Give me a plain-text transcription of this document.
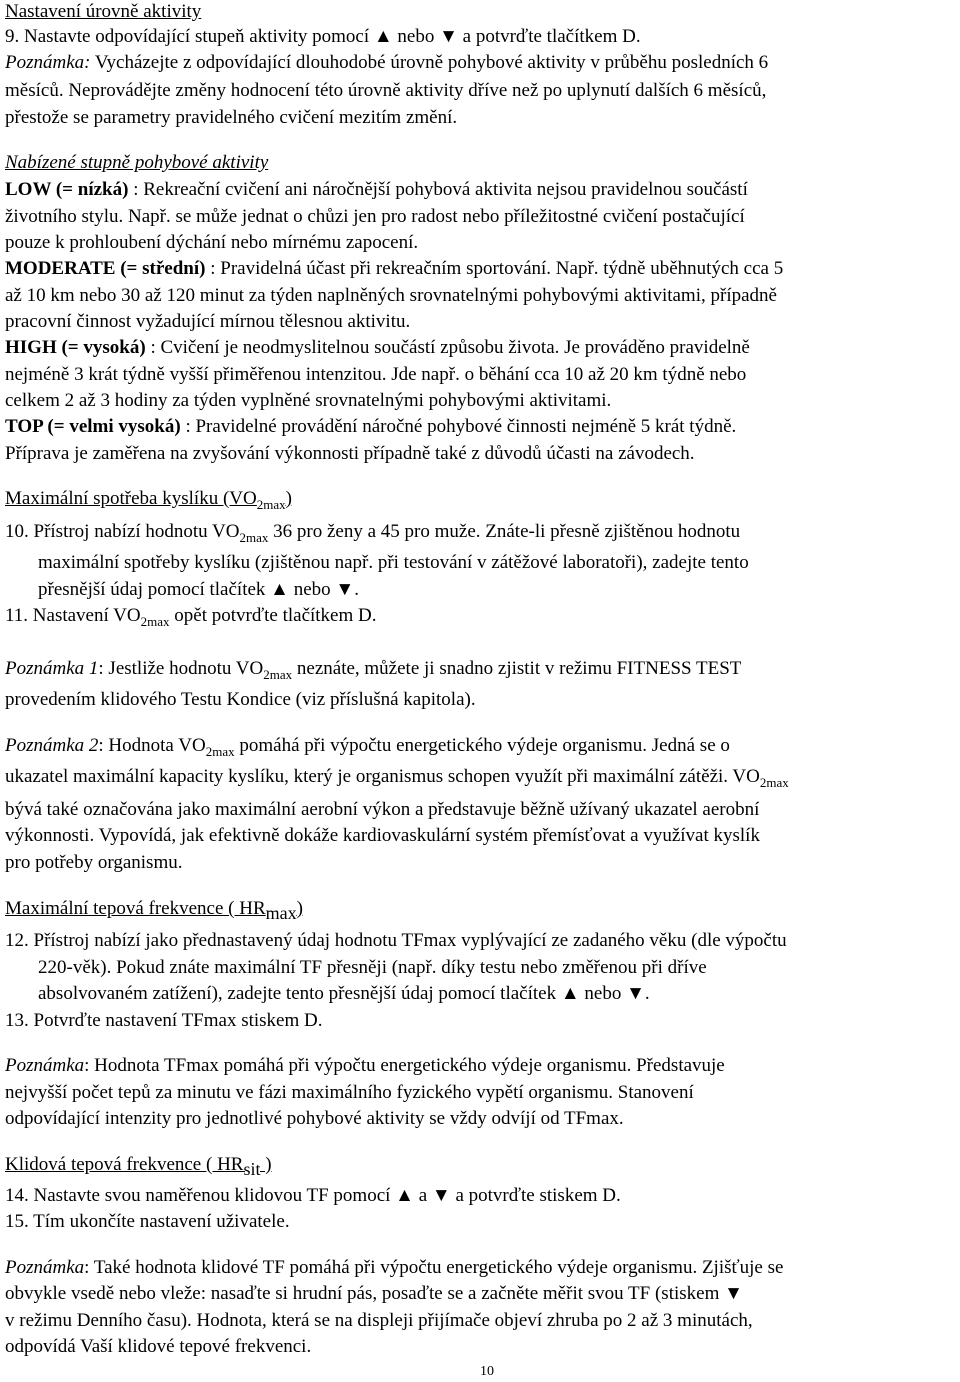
Nastavení úrovně aktivity
9. Nastavte odpovídající stupeň aktivity pomocí ▲ nebo ▼ a potvrďte tlačítkem D.
Poznámka: Vycházejte z odpovídající dlouhodobé úrovně pohybové aktivity v průběhu posledních 6
měsíců. Neprovádějte změny hodnocení této úrovně aktivity dříve než po uplynutí dalších 6 měsíců,
přestože se parametry pravidelného cvičení mezitím změní.
Nabízené stupně pohybové aktivity
LOW (= nízká) : Rekreační cvičení ani náročnější pohybová aktivita nejsou pravidelnou součástí
životního stylu. Např. se může jednat o chůzi jen pro radost nebo příležitostné cvičení postačující
pouze k prohloubení dýchání nebo mírnému zapocení.
MODERATE (= střední) : Pravidelná účast při rekreačním sportování. Např. týdně uběhnutých cca 5
až 10 km nebo 30 až 120 minut za týden naplněných srovnatelnými pohybovými aktivitami, případně
pracovní činnost vyžadující mírnou tělesnou aktivitu.
HIGH (= vysoká) : Cvičení je neodmyslitelnou součástí způsobu života. Je prováděno pravidelně
nejméně 3 krát týdně vyšší přiměřenou intenzitou. Jde např. o běhání cca 10 až 20 km týdně nebo
celkem 2 až 3 hodiny za týden vyplněné srovnatelnými pohybovými aktivitami.
TOP (= velmi vysoká) : Pravidelné provádění náročné pohybové činnosti nejméně 5 krát týdně.
Příprava je zaměřena na zvyšování výkonnosti případně také z důvodů účasti na závodech.
Maximální spotřeba kyslíku $(VO_{2max})$
10. Přístroj nabízí hodnotu $VO_{2max}$ 36 pro ženy a 45 pro muže. Znáte-li přesně zjištěnou hodnotu
maximální spotřeby kyslíku (zjištěnou např. při testování v zátěžové laboratoři), zadejte tento
přesnější údaj pomocí tlačítek ▲ nebo ▼.
11. Nastavení $VO_{2max}$ opět potvrďte tlačítkem D.
Poznámka 1: Jestliže hodnotu $VO_{2max}$ neznáte, můžete ji snadno zjistit v režimu FITNESS TEST
provedením klidového Testu Kondice (viz příslušná kapitola).
Poznámka 2: Hodnota $VO_{2max}$ pomáhá při výpočtu energetického výdeje organismu. Jedná se o
ukazatel maximální kapacity kyslíku, který je organismus schopen využít při maximální zátěži. $VO_{2max}$
bývá také označována jako maximální aerobní výkon a představuje běžně užívaný ukazatel aerobní
výkonnosti. Vypovídá, jak efektivně dokáže kardiovaskulární systém přemísťovat a využívat kyslík
pro potřeby organismu.
Maximální tepová frekvence ( $HR_{max}$)
12. Přístroj nabízí jako přednastavený údaj hodnotu TFmax vyplývající ze zadaného věku (dle výpočtu
220-věk). Pokud znáte maximální TF přesněji (např. díky testu nebo změřenou při dříve
absolvovaném zatížení), zadejte tento přesnější údaj pomocí tlačítek ▲ nebo ▼.
13. Potvrďte nastavení TFmax stiskem D.
Poznámka: Hodnota TFmax pomáhá při výpočtu energetického výdeje organismu. Představuje
nejvyšší počet tepů za minutu ve fázi maximálního fyzického vypětí organismu. Stanovení
odpovídající intenzity pro jednotlivé pohybové aktivity se vždy odvíjí od TFmax.
Klidová tepová frekvence ( $HR_{sit}$ )
14. Nastavte svou naměřenou klidovou TF pomocí ▲ a ▼ a potvrďte stiskem D.
15. Tím ukončíte nastavení uživatele.
Poznámka: Také hodnota klidové TF pomáhá při výpočtu energetického výdeje organismu. Zjišťuje se
obvykle vsedě nebo vleže: nasaďte si hrudní pás, posaďte se a začněte měřit svou TF (stiskem ▼
v režimu Denního času). Hodnota, která se na displeji přijímače objeví zhruba po 2 až 3 minutách,
odpovídá Vaší klidové tepové frekvenci.
10
